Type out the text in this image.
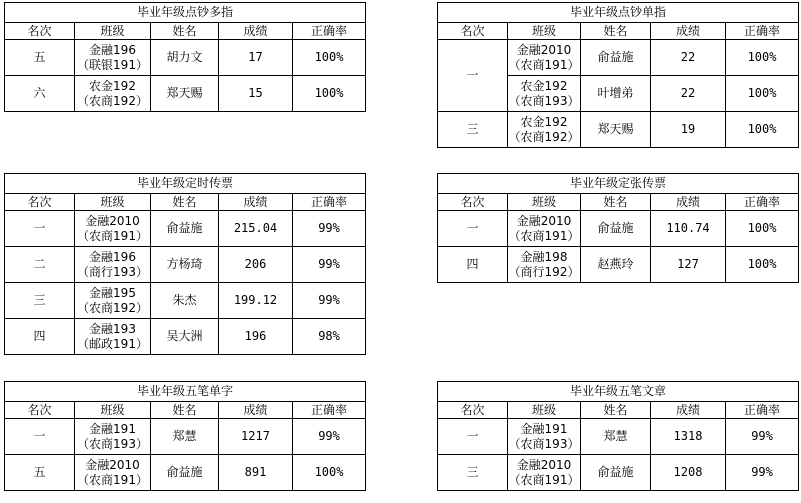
毕业年级点钞多指				
名次	班级	姓名	成绩	正确率
五	金融196
（联银191）	胡力文	17	100%
六	农金192
（农商192）	郑天赐	15	100%
毕业年级点钞单指				
名次	班级	姓名	成绩	正确率
一	金融2010
（农商191）	俞益施	22	100%

	农金192
（农商193）	叶增弟	22	100%
三	农金192
（农商192）	郑天赐	19	100%
毕业年级定时传票				
名次	班级	姓名	成绩	正确率
一	金融2010
（农商191）	俞益施	215.04	99%
二	金融196
（商行193）	方杨琦	206	99%
三	金融195
（农商192）	朱杰	199.12	99%
四	金融193
（邮政191）	吴大洲	196	98%
毕业年级定张传票				
名次	班级	姓名	成绩	正确率
一	金融2010
（农商191）	俞益施	110.74	100%
四	金融198
（商行192）	赵燕玲	127	100%
毕业年级五笔单字				
名次	班级	姓名	成绩	正确率
一	金融191
（农商193）	郑慧	1217	99%
五	金融2010
（农商191）	俞益施	891	100%
毕业年级五笔文章				
名次	班级	姓名	成绩	正确率
一	金融191
（农商193）	郑慧	1318	99%
三	金融2010
（农商191）	俞益施	1208	99%
